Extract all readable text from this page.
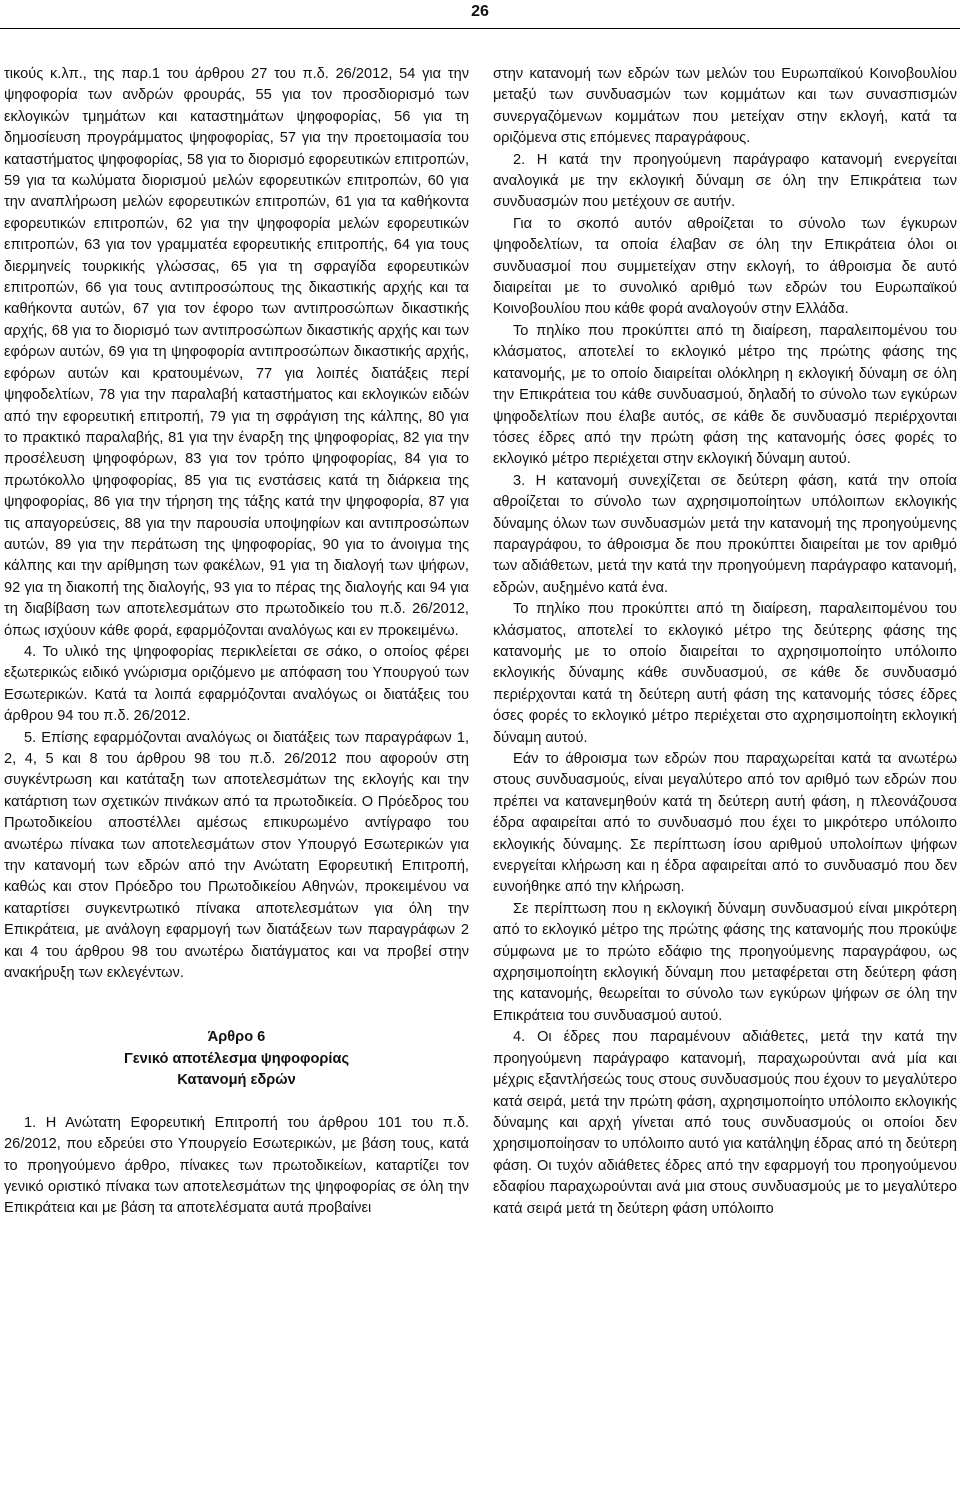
26

τικούς κ.λπ., της παρ.1 του άρθρου 27 του π.δ. 26/2012, 54 για την ψηφοφορία των ανδρών φρουράς, 55 για τον προσδιορισμό των εκλογικών τμημάτων και καταστημάτων ψηφοφορίας, 56 για τη δημοσίευση προγράμματος ψηφοφορίας, 57 για την προετοιμασία του καταστήματος ψηφοφορίας, 58 για το διορισμό εφορευτικών επιτροπών, 59 για τα κωλύματα διορισμού μελών εφορευτικών επιτροπών, 60 για την αναπλήρωση μελών εφορευτικών επιτροπών, 61 για τα καθήκοντα εφορευτικών επιτροπών, 62 για την ψηφοφορία μελών εφορευτικών επιτροπών, 63 για τον γραμματέα εφορευτικής επιτροπής, 64 για τους διερμηνείς τουρκικής γλώσσας, 65 για τη σφραγίδα εφορευτικών επιτροπών, 66 για τους αντιπροσώπους της δικαστικής αρχής και τα καθήκοντα αυτών, 67 για τον έφορο των αντιπροσώπων δικαστικής αρχής, 68 για το διορισμό των αντιπροσώπων δικαστικής αρχής και των εφόρων αυτών, 69 για τη ψηφοφορία αντιπροσώπων δικαστικής αρχής, εφόρων αυτών και κρατουμένων, 77 για λοιπές διατάξεις περί ψηφοδελτίων, 78 για την παραλαβή καταστήματος και εκλογικών ειδών από την εφορευτική επιτροπή, 79 για τη σφράγιση της κάλπης, 80 για το πρακτικό παραλαβής, 81 για την έναρξη της ψηφοφορίας, 82 για την προσέλευση ψηφοφόρων, 83 για τον τρόπο ψηφοφορίας, 84 για το πρωτόκολλο ψηφοφορίας, 85 για τις ενστάσεις κατά τη διάρκεια της ψηφοφορίας, 86 για την τήρηση της τάξης κατά την ψηφοφορία, 87 για τις απαγορεύσεις, 88 για την παρουσία υποψηφίων και αντιπροσώπων αυτών, 89 για την περάτωση της ψηφοφορίας, 90 για το άνοιγμα της κάλπης και την αρίθμηση των φακέλων, 91 για τη διαλογή των ψήφων, 92 για τη διακοπή της διαλογής, 93 για το πέρας της διαλογής και 94 για τη διαβίβαση των αποτελεσμάτων στο πρωτοδικείο του π.δ. 26/2012, όπως ισχύουν κάθε φορά, εφαρμόζονται αναλόγως και εν προκειμένω.

4. Το υλικό της ψηφοφορίας περικλείεται σε σάκο, ο οποίος φέρει εξωτερικώς ειδικό γνώρισμα οριζόμενο με απόφαση του Υπουργού των Εσωτερικών. Κατά τα λοιπά εφαρμόζονται αναλόγως οι διατάξεις του άρθρου 94 του π.δ. 26/2012.

5. Επίσης εφαρμόζονται αναλόγως οι διατάξεις των παραγράφων 1, 2, 4, 5 και 8 του άρθρου 98 του π.δ. 26/2012 που αφορούν στη συγκέντρωση και κατάταξη των αποτελεσμάτων της εκλογής και την κατάρτιση των σχετικών πινάκων από τα πρωτοδικεία. Ο Πρόεδρος του Πρωτοδικείου αποστέλλει αμέσως επικυρωμένο αντίγραφο του ανωτέρω πίνακα των αποτελεσμάτων στον Υπουργό Εσωτερικών για την κατανομή των εδρών από την Ανώτατη Εφορευτική Επιτροπή, καθώς και στον Πρόεδρο του Πρωτοδικείου Αθηνών, προκειμένου να καταρτίσει συγκεντρωτικό πίνακα αποτελεσμάτων για όλη την Επικράτεια, με ανάλογη εφαρμογή των διατάξεων των παραγράφων 2 και 4 του άρθρου 98 του ανωτέρω διατάγματος και να προβεί στην ανακήρυξη των εκλεγέντων.

Άρθρο 6

Γενικό αποτέλεσμα ψηφοφορίας

Κατανομή εδρών

1. Η Ανώτατη Εφορευτική Επιτροπή του άρθρου 101 του π.δ. 26/2012, που εδρεύει στο Υπουργείο Εσωτερικών, με βάση τους, κατά το προηγούμενο άρθρο, πίνακες των πρωτοδικείων, καταρτίζει τον γενικό οριστικό πίνακα των αποτελεσμάτων της ψηφοφορίας σε όλη την Επικράτεια και με βάση τα αποτελέσματα αυτά προβαίνει

στην κατανομή των εδρών των μελών του Ευρωπαϊκού Κοινοβουλίου μεταξύ των συνδυασμών των κομμάτων και των συνασπισμών συνεργαζόμενων κομμάτων που μετείχαν στην εκλογή, κατά τα οριζόμενα στις επόμενες παραγράφους.

2. Η κατά την προηγούμενη παράγραφο κατανομή ενεργείται αναλογικά με την εκλογική δύναμη σε όλη την Επικράτεια των συνδυασμών που μετέχουν σε αυτήν.

Για το σκοπό αυτόν αθροίζεται το σύνολο των έγκυρων ψηφοδελτίων, τα οποία έλαβαν σε όλη την Επικράτεια όλοι οι συνδυασμοί που συμμετείχαν στην εκλογή, το άθροισμα δε αυτό διαιρείται με το συνολικό αριθμό των εδρών του Ευρωπαϊκού Κοινοβουλίου που κάθε φορά αναλογούν στην Ελλάδα.

Το πηλίκο που προκύπτει από τη διαίρεση, παραλειπομένου του κλάσματος, αποτελεί το εκλογικό μέτρο της πρώτης φάσης της κατανομής, με το οποίο διαιρείται ολόκληρη η εκλογική δύναμη σε όλη την Επικράτεια του κάθε συνδυασμού, δηλαδή το σύνολο των εγκύρων ψηφοδελτίων που έλαβε αυτός, σε κάθε δε συνδυασμό περιέρχονται τόσες έδρες από την πρώτη φάση της κατανομής όσες φορές το εκλογικό μέτρο περιέχεται στην εκλογική δύναμη αυτού.

3. Η κατανομή συνεχίζεται σε δεύτερη φάση, κατά την οποία αθροίζεται το σύνολο των αχρησιμοποίητων υπόλοιπων εκλογικής δύναμης όλων των συνδυασμών μετά την κατανομή της προηγούμενης παραγράφου, το άθροισμα δε που προκύπτει διαιρείται με τον αριθμό των αδιάθετων, μετά την κατά την προηγούμενη παράγραφο κατανομή, εδρών, αυξημένο κατά ένα.

Το πηλίκο που προκύπτει από τη διαίρεση, παραλειπομένου του κλάσματος, αποτελεί το εκλογικό μέτρο της δεύτερης φάσης της κατανομής με το οποίο διαιρείται το αχρησιμοποίητο υπόλοιπο εκλογικής δύναμης κάθε συνδυασμού, σε κάθε δε συνδυασμό περιέρχονται κατά τη δεύτερη αυτή φάση της κατανομής τόσες έδρες όσες φορές το εκλογικό μέτρο περιέχεται στο αχρησιμοποίητη εκλογική δύναμη αυτού.

Εάν το άθροισμα των εδρών που παραχωρείται κατά τα ανωτέρω στους συνδυασμούς, είναι μεγαλύτερο από τον αριθμό των εδρών που πρέπει να κατανεμηθούν κατά τη δεύτερη αυτή φάση, η πλεονάζουσα έδρα αφαιρείται από το συνδυασμό που έχει το μικρότερο υπόλοιπο εκλογικής δύναμης. Σε περίπτωση ίσου αριθμού υπολοίπων ψήφων ενεργείται κλήρωση και η έδρα αφαιρείται από το συνδυασμό που δεν ευνοήθηκε από την κλήρωση.

Σε περίπτωση που η εκλογική δύναμη συνδυασμού είναι μικρότερη από το εκλογικό μέτρο της πρώτης φάσης της κατανομής που προκύψε σύμφωνα με το πρώτο εδάφιο της προηγούμενης παραγράφου, ως αχρησιμοποίητη εκλογική δύναμη που μεταφέρεται στη δεύτερη φάση της κατανομής, θεωρείται το σύνολο των εγκύρων ψήφων σε όλη την Επικράτεια του συνδυασμού αυτού.

4. Οι έδρες που παραμένουν αδιάθετες, μετά την κατά την προηγούμενη παράγραφο κατανομή, παραχωρούνται ανά μία και μέχρις εξαντλήσεώς τους στους συνδυασμούς που έχουν το μεγαλύτερο κατά σειρά, μετά την πρώτη φάση, αχρησιμοποίητο υπόλοιπο εκλογικής δύναμης και αρχή γίνεται από τους συνδυασμούς οι οποίοι δεν χρησιμοποίησαν το υπόλοιπο αυτό για κατάληψη έδρας από τη δεύτερη φάση. Οι τυχόν αδιάθετες έδρες από την εφαρμογή του προηγούμενου εδαφίου παραχωρούνται ανά μια στους συνδυασμούς με το μεγαλύτερο κατά σειρά μετά τη δεύτερη φάση υπόλοιπο
